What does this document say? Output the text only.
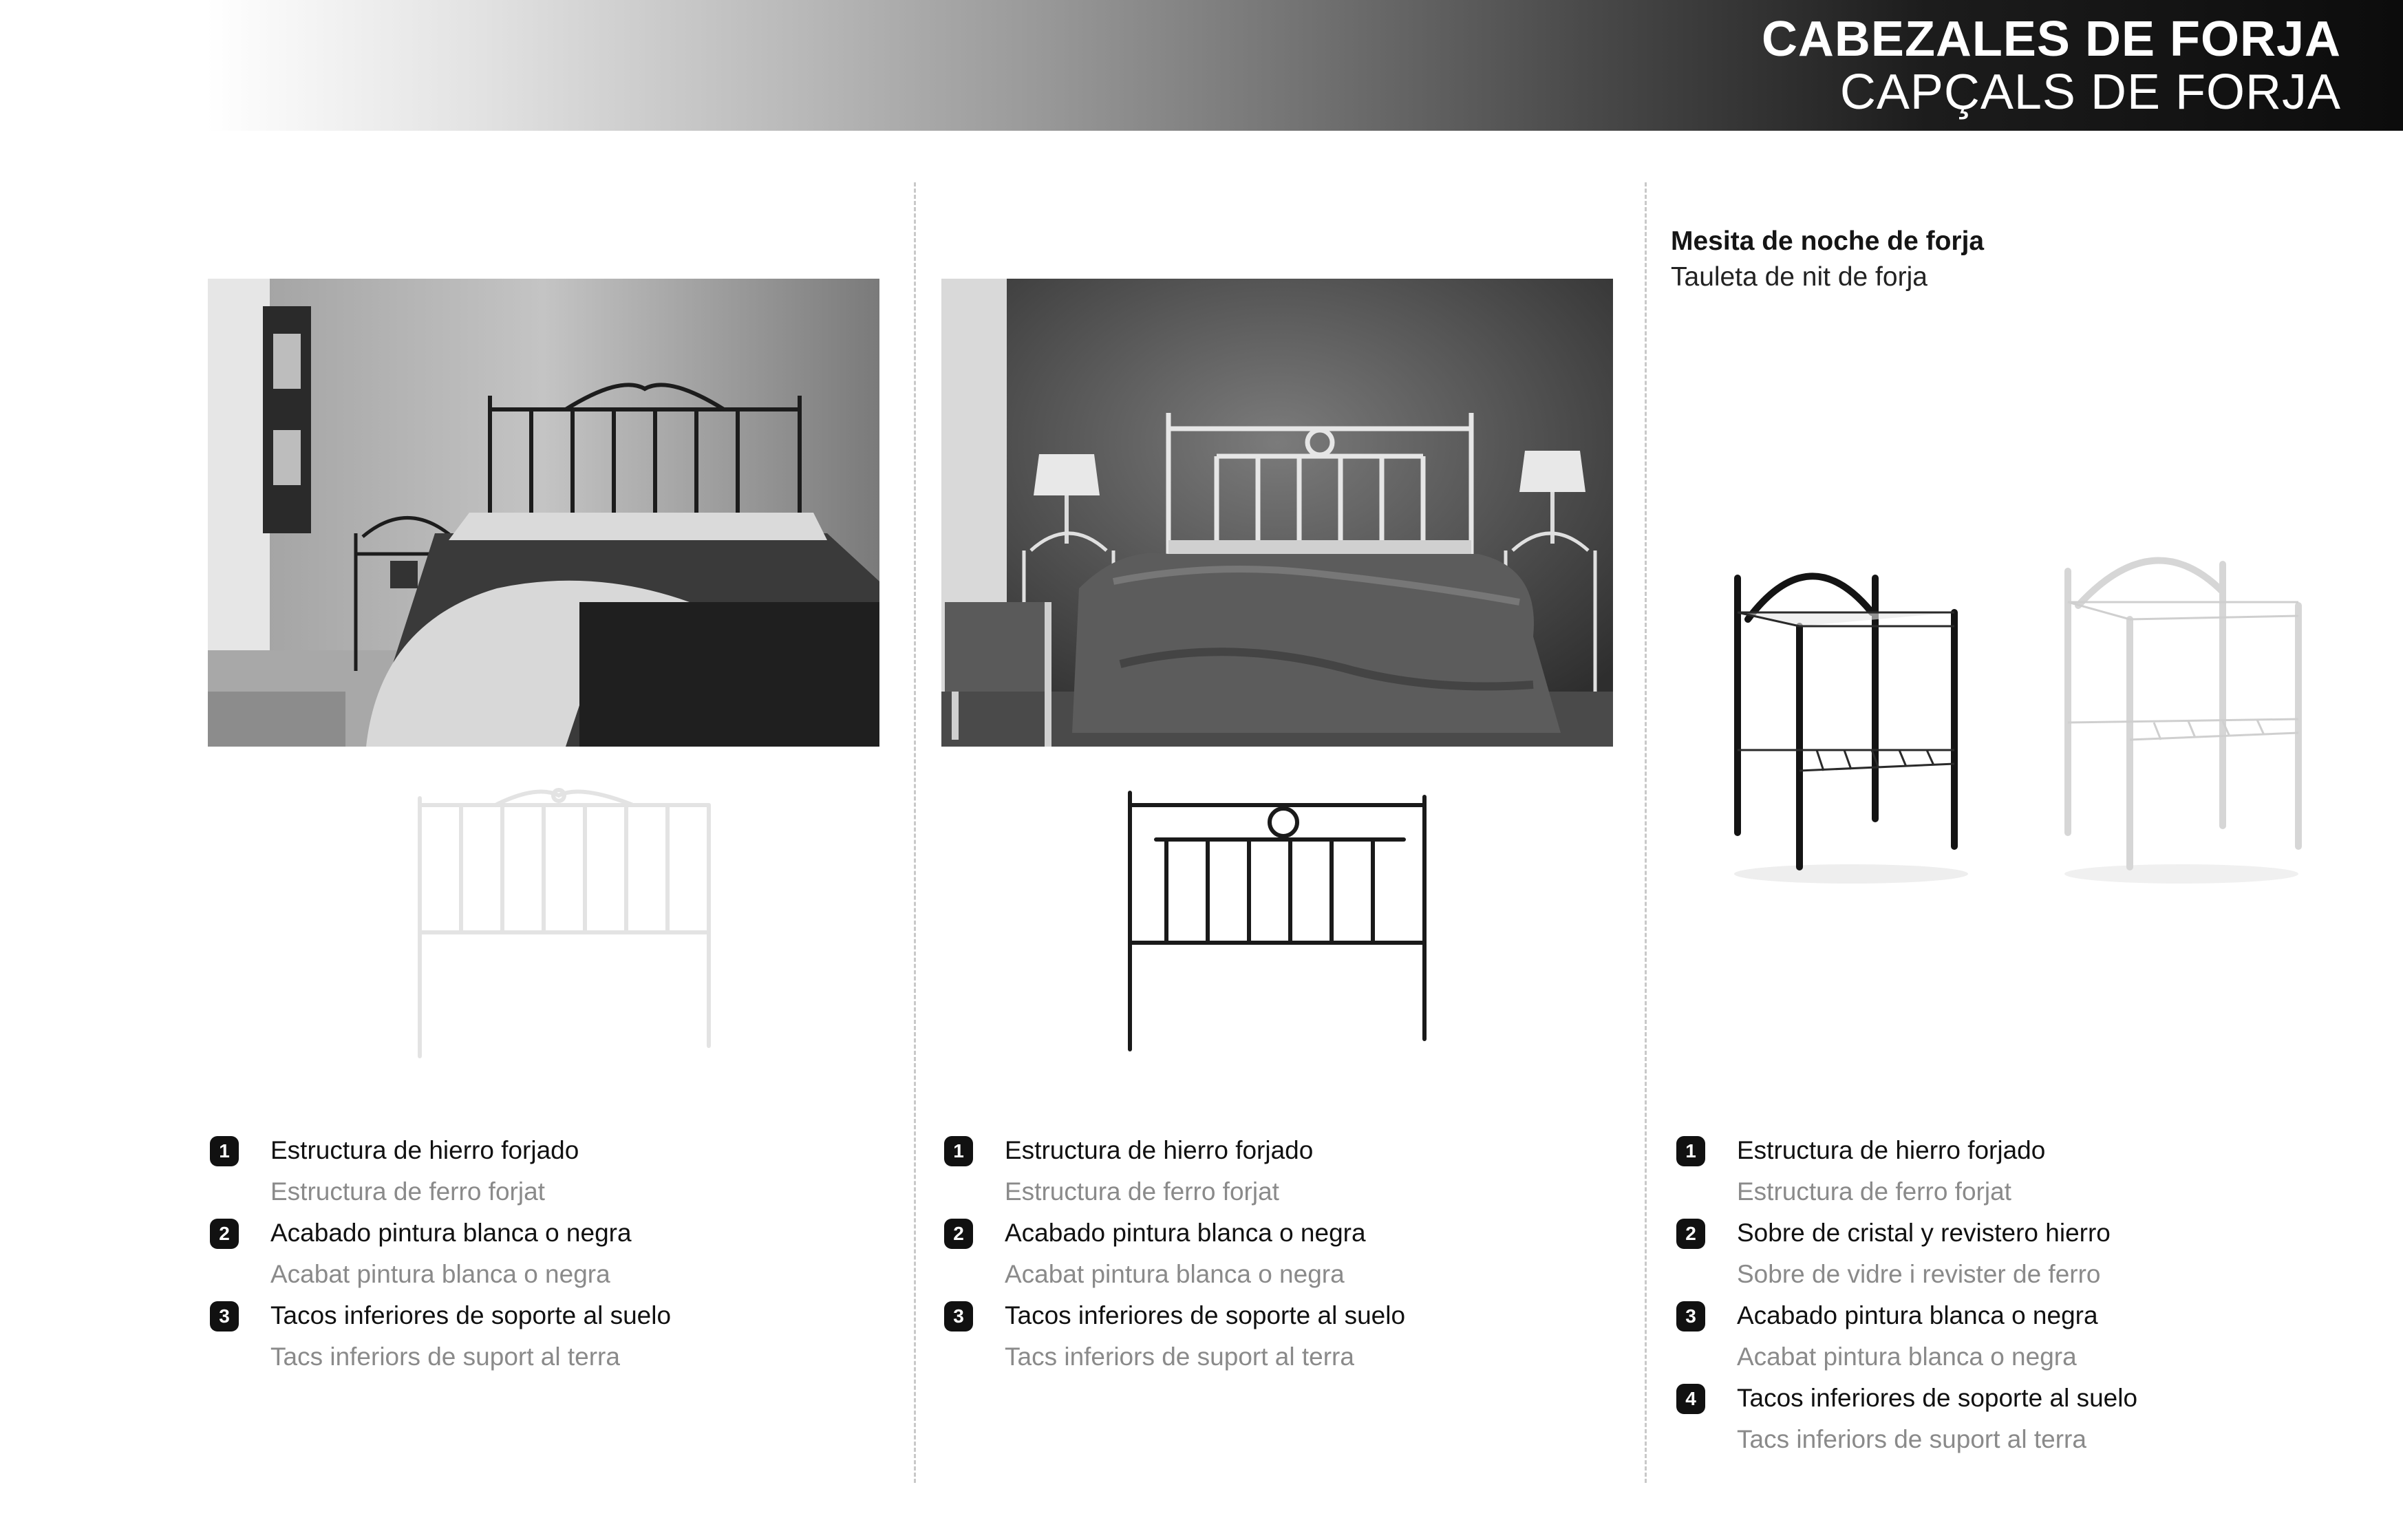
CABEZALES DE FORJA
CAPÇALS DE FORJA
Mesita de noche de forja
Tauleta de nit de forja
1	Estructura de hierro forjado
Estructura de ferro forjat
2	Acabado pintura blanca o negra
Acabat pintura blanca o negra
3	Tacos inferiores de soporte al suelo
Tacs inferiors de suport al terra
1	Estructura de hierro forjado
Estructura de ferro forjat
2	Acabado pintura blanca o negra
Acabat pintura blanca o negra
3	Tacos inferiores de soporte al suelo
Tacs inferiors de suport al terra
1	Estructura de hierro forjado
Estructura de ferro forjat
2	Sobre de cristal y revistero hierro
Sobre de vidre i revister de ferro
3	Acabado pintura blanca o negra
Acabat pintura blanca o negra
4	Tacos inferiores de soporte al suelo
Tacs inferiors de suport al terra
